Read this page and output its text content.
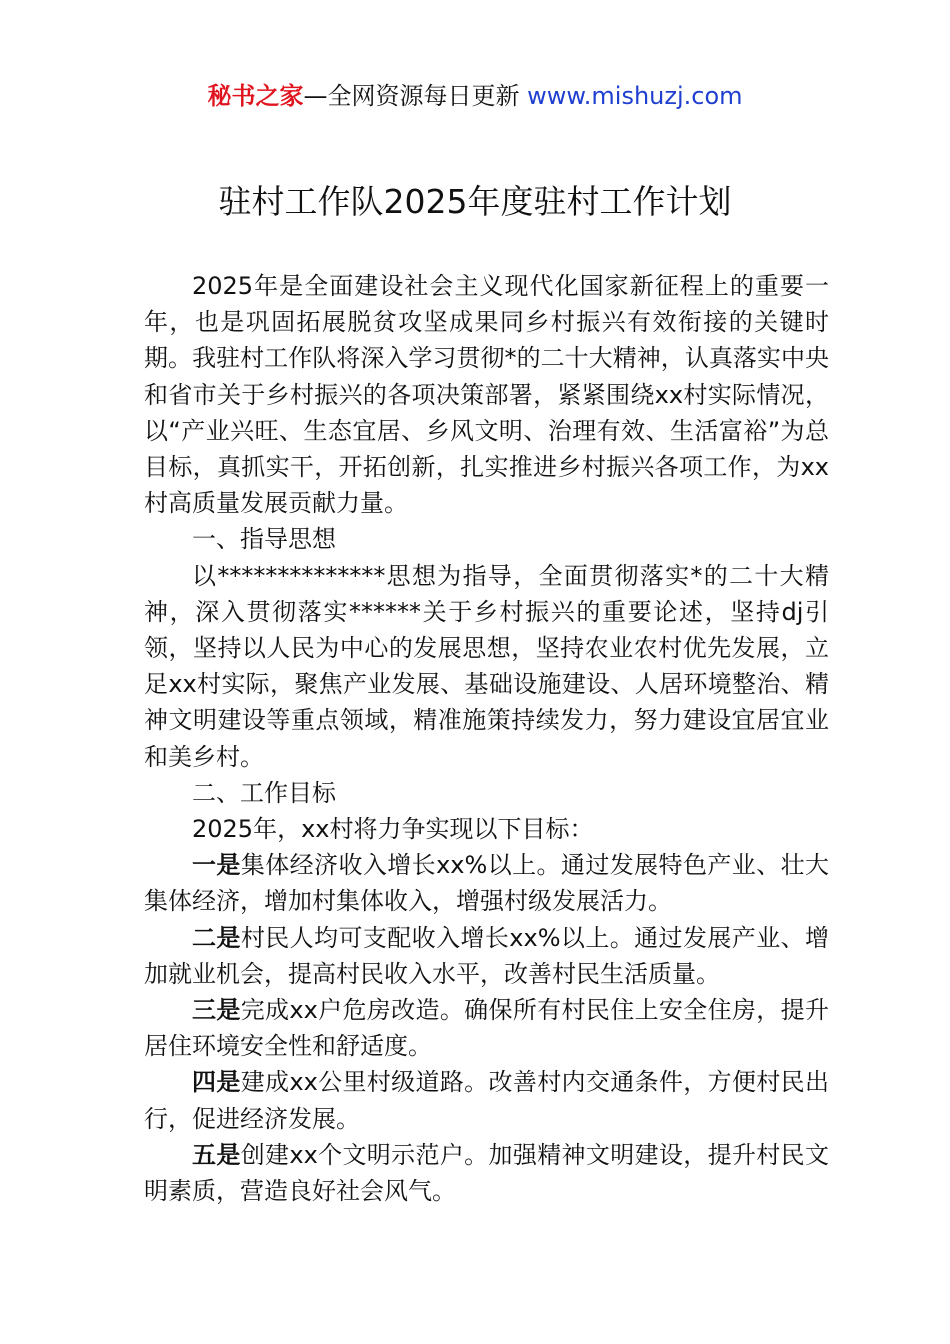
秘书之家—全网资源每日更新 www.mishuzj.com
驻村工作队2025年度驻村工作计划

2025年是全面建设社会主义现代化国家新征程上的重要一年，也是巩固拓展脱贫攻坚成果同乡村振兴有效衔接的关键时期。我驻村工作队将深入学习贯彻*的二十大精神，认真落实中央和省市关于乡村振兴的各项决策部署，紧紧围绕xx村实际情况，以“产业兴旺、生态宜居、乡风文明、治理有效、生活富裕”为总目标，真抓实干，开拓创新，扎实推进乡村振兴各项工作，为xx村高质量发展贡献力量。

一、指导思想

以**************思想为指导，全面贯彻落实*的二十大精神，深入贯彻落实******关于乡村振兴的重要论述，坚持dj引领，坚持以人民为中心的发展思想，坚持农业农村优先发展，立足xx村实际，聚焦产业发展、基础设施建设、人居环境整治、精神文明建设等重点领域，精准施策持续发力，努力建设宜居宜业和美乡村。

二、工作目标

2025年，xx村将力争实现以下目标：

一是集体经济收入增长xx%以上。通过发展特色产业、壮大集体经济，增加村集体收入，增强村级发展活力。

二是村民人均可支配收入增长xx%以上。通过发展产业、增加就业机会，提高村民收入水平，改善村民生活质量。

三是完成xx户危房改造。确保所有村民住上安全住房，提升居住环境安全性和舒适度。

四是建成xx公里村级道路。改善村内交通条件，方便村民出行，促进经济发展。

五是创建xx个文明示范户。加强精神文明建设，提升村民文明素质，营造良好社会风气。
